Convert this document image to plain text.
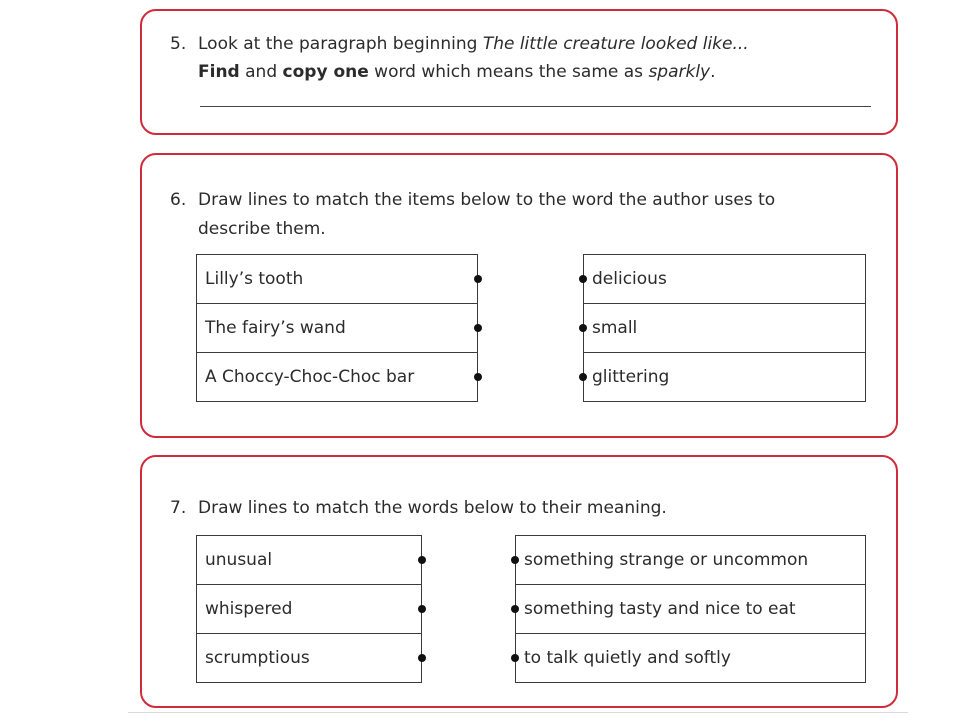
5. Look at the paragraph beginning The little creature looked like...
Find and copy one word which means the same as sparkly.
6. Draw lines to match the items below to the word the author uses to
describe them.
Lilly’s tooth
The fairy’s wand
A Choccy-Choc-Choc bar
delicious
small
glittering
7. Draw lines to match the words below to their meaning.
unusual
whispered
scrumptious
something strange or uncommon
something tasty and nice to eat
to talk quietly and softly
